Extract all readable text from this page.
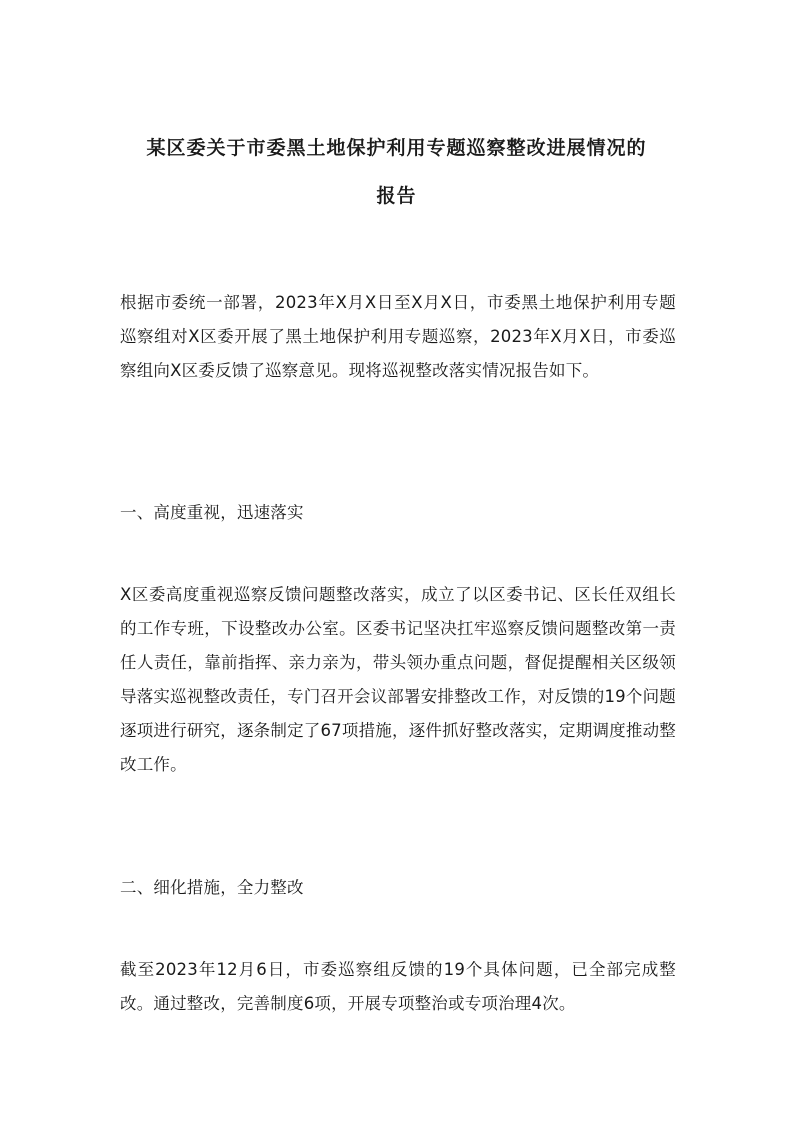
某区委关于市委黑土地保护利用专题巡察整改进展情况的
报告

根据市委统一部署，2023年X月X日至X月X日，市委黑土地保护利用专题巡察组对X区委开展了黑土地保护利用专题巡察，2023年X月X日，市委巡察组向X区委反馈了巡察意见。现将巡视整改落实情况报告如下。

一、高度重视，迅速落实

X区委高度重视巡察反馈问题整改落实，成立了以区委书记、区长任双组长的工作专班，下设整改办公室。区委书记坚决扛牢巡察反馈问题整改第一责任人责任，靠前指挥、亲力亲为，带头领办重点问题，督促提醒相关区级领导落实巡视整改责任，专门召开会议部署安排整改工作，对反馈的19个问题逐项进行研究，逐条制定了67项措施，逐件抓好整改落实，定期调度推动整改工作。

二、细化措施，全力整改

截至2023年12月6日，市委巡察组反馈的19个具体问题，已全部完成整改。通过整改，完善制度6项，开展专项整治或专项治理4次。
